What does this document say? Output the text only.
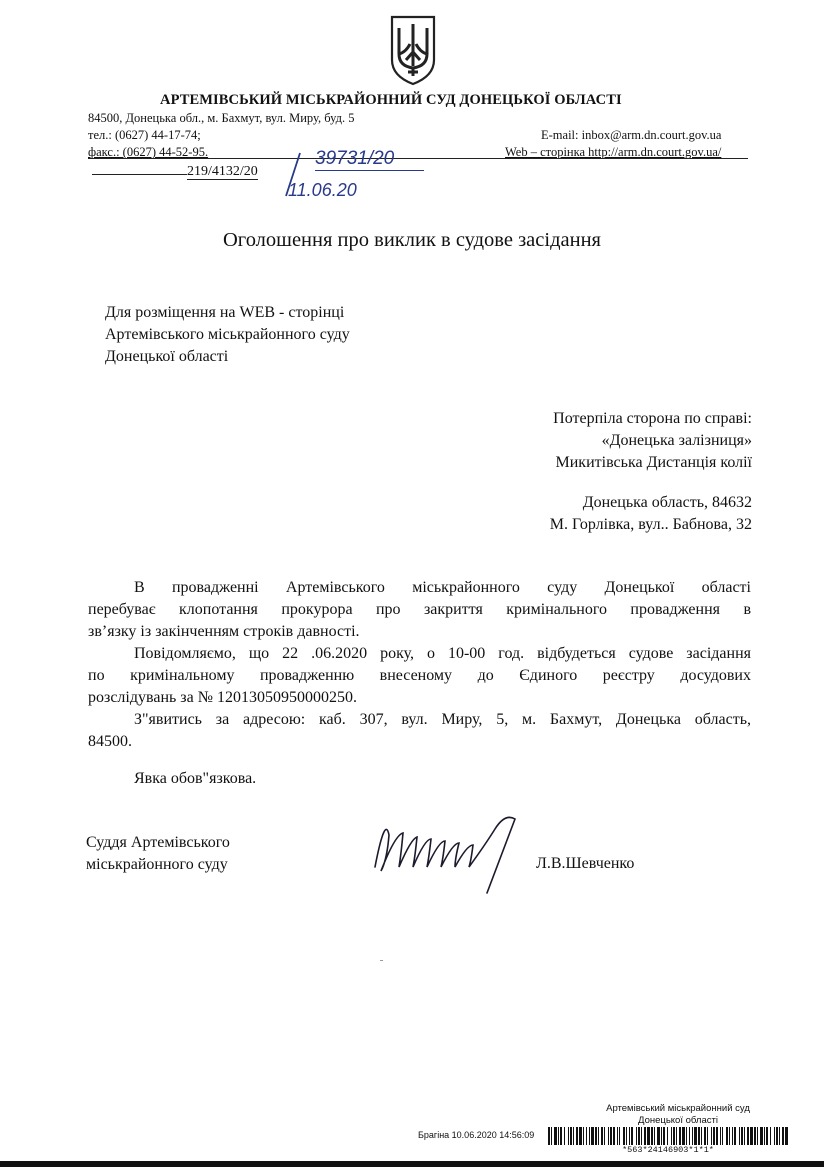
АРТЕМІВСЬКИЙ МІСЬКРАЙОННИЙ СУД ДОНЕЦЬКОЇ ОБЛАСТІ
84500, Донецька обл., м. Бахмут, вул. Миру, буд. 5
тел.: (0627) 44-17-74;
факс.: (0627) 44-52-95.
E-mail: inbox@arm.dn.court.gov.ua
Web – сторінка http://arm.dn.court.gov.ua/
219/4132/20
39731/20
11.06.20
Оголошення про виклик в судове засідання
Для розміщення на WEB - сторінці
Артемівського міськрайонного суду
Донецької області
Потерпіла сторона по справі:
«Донецька залізниця»
Микитівська Дистанція колії
Донецька область, 84632
М. Горлівка, вул.. Бабнова, 32
В провадженні Артемівського міськрайонного суду Донецької області
перебуває клопотання прокурора про закриття кримінального провадження в
зв’язку із закінченням строків давності.
Повідомляємо, що 22 .06.2020 року, о 10-00 год. відбудеться судове засідання
по кримінальному провадженню внесеному до Єдиного реєстру досудових
розслідувань за № 12013050950000250.
З"явитись за адресою: каб. 307, вул. Миру, 5, м. Бахмут, Донецька область,
84500.
Явка обов"язкова.
Суддя Артемівського
міськрайонного суду	Л.В.Шевченко
Артемівський міськрайонний суд
Донецької області
Брагіна 10.06.2020 14:56:09
*563*24146903*1*1*
